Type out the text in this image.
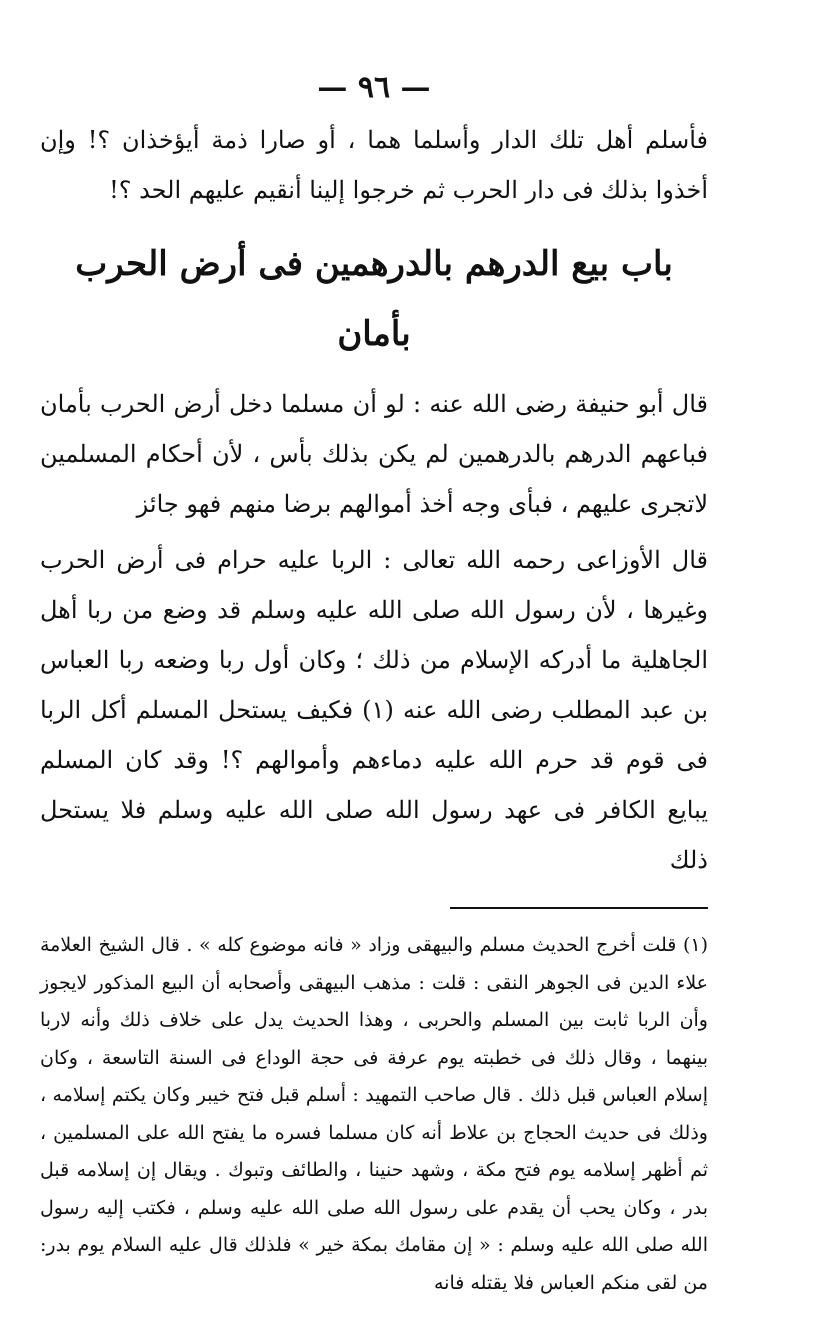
— ٩٦ —

فأسلم أهل تلك الدار وأسلما هما ، أو صارا ذمة أيؤخذان ؟! وإن أخذوا بذلك فى دار الحرب ثم خرجوا إلينا أنقيم عليهم الحد ؟!

باب بيع الدرهم بالدرهمين فى أرض الحرب بأمان

قال أبو حنيفة رضى الله عنه : لو أن مسلما دخل أرض الحرب بأمان فباعهم الدرهم بالدرهمين لم يكن بذلك بأس ، لأن أحكام المسلمين لاتجرى عليهم ، فبأى وجه أخذ أموالهم برضا منهم فهو جائز

قال الأوزاعى رحمه الله تعالى : الربا عليه حرام فى أرض الحرب وغيرها ، لأن رسول الله صلى الله عليه وسلم قد وضع من ربا أهل الجاهلية ما أدركه الإسلام من ذلك ؛ وكان أول ربا وضعه ربا العباس بن عبد المطلب رضى الله عنه (١) فكيف يستحل المسلم أكل الربا فى قوم قد حرم الله عليه دماءهم وأموالهم ؟! وقد كان المسلم يبايع الكافر فى عهد رسول الله صلى الله عليه وسلم فلا يستحل ذلك

(١) قلت أخرج الحديث مسلم والبيهقى وزاد « فانه موضوع كله » . قال الشيخ العلامة علاء الدين فى الجوهر النقى : قلت : مذهب البيهقى وأصحابه أن البيع المذكور لايجوز وأن الربا ثابت بين المسلم والحربى ، وهذا الحديث يدل على خلاف ذلك وأنه لاربا بينهما ، وقال ذلك فى خطبته يوم عرفة فى حجة الوداع فى السنة التاسعة ، وكان إسلام العباس قبل ذلك . قال صاحب التمهيد : أسلم قبل فتح خيبر وكان يكتم إسلامه ، وذلك فى حديث الحجاج بن علاط أنه كان مسلما فسره ما يفتح الله على المسلمين ، ثم أظهر إسلامه يوم فتح مكة ، وشهد حنينا ، والطائف وتبوك . ويقال إن إسلامه قبل بدر ، وكان يحب أن يقدم على رسول الله صلى الله عليه وسلم ، فكتب إليه رسول الله صلى الله عليه وسلم : « إن مقامك بمكة خير » فلذلك قال عليه السلام يوم بدر: من لقى منكم العباس فلا يقتله فانه
